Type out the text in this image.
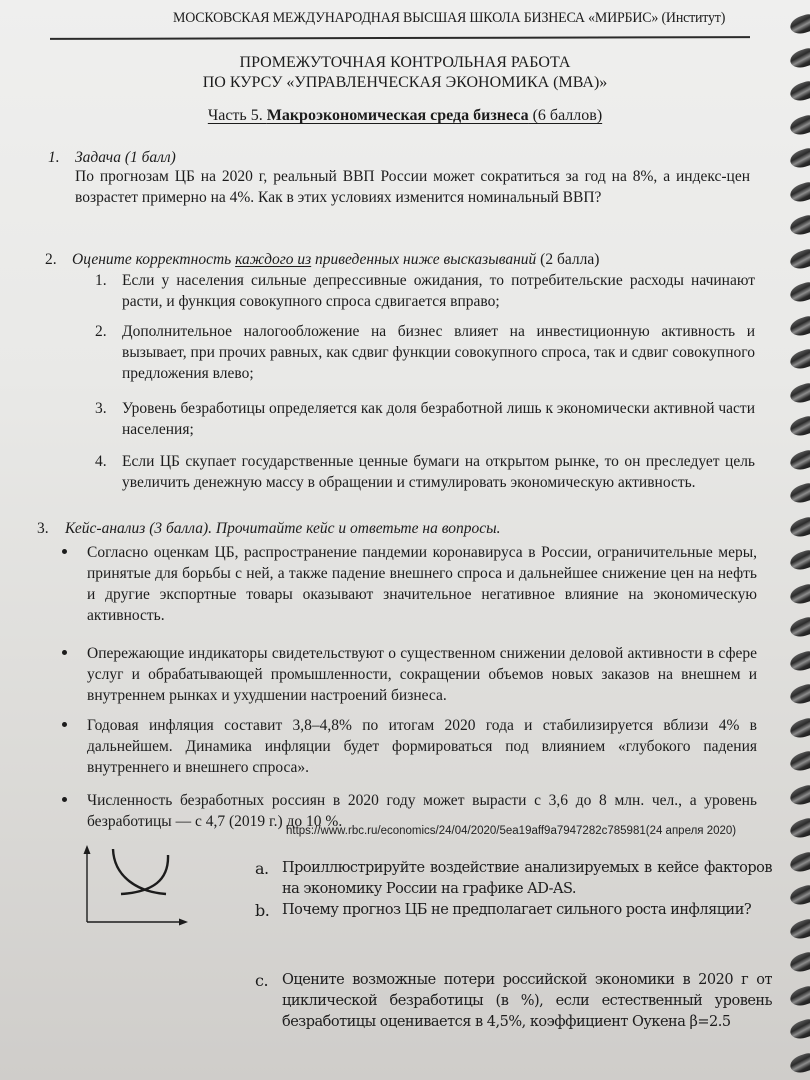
МОСКОВСКАЯ МЕЖДУНАРОДНАЯ ВЫСШАЯ ШКОЛА БИЗНЕСА «МИРБИС» (Институт)
ПРОМЕЖУТОЧНАЯ КОНТРОЛЬНАЯ РАБОТА
ПО КУРСУ «УПРАВЛЕНЧЕСКАЯ ЭКОНОМИКА (МВА)»
Часть 5. Макроэкономическая среда бизнеса (6 баллов)
1. Задача (1 балл)
По прогнозам ЦБ на 2020 г, реальный ВВП России может сократиться за год на 8%, а индекс-цен возрастет примерно на 4%. Как в этих условиях изменится номинальный ВВП?
2. Оцените корректность каждого из приведенных ниже высказываний (2 балла)
1. Если у населения сильные депрессивные ожидания, то потребительские расходы начинают расти, и функция совокупного спроса сдвигается вправо;
2. Дополнительное налогообложение на бизнес влияет на инвестиционную активность и вызывает, при прочих равных, как сдвиг функции совокупного спроса, так и сдвиг совокупного предложения влево;
3. Уровень безработицы определяется как доля безработной лишь к экономически активной части населения;
4. Если ЦБ скупает государственные ценные бумаги на открытом рынке, то он преследует цель увеличить денежную массу в обращении и стимулировать экономическую активность.
3. Кейс-анализ (3 балла). Прочитайте кейс и ответьте на вопросы.
Согласно оценкам ЦБ, распространение пандемии коронавируса в России, ограничительные меры, принятые для борьбы с ней, а также падение внешнего спроса и дальнейшее снижение цен на нефть и другие экспортные товары оказывают значительное негативное влияние на экономическую активность.
Опережающие индикаторы свидетельствуют о существенном снижении деловой активности в сфере услуг и обрабатывающей промышленности, сокращении объемов новых заказов на внешнем и внутреннем рынках и ухудшении настроений бизнеса.
Годовая инфляция составит 3,8–4,8% по итогам 2020 года и стабилизируется вблизи 4% в дальнейшем. Динамика инфляции будет формироваться под влиянием «глубокого падения внутреннего и внешнего спроса».
Численность безработных россиян в 2020 году может вырасти с 3,6 до 8 млн. чел., а уровень безработицы — с 4,7 (2019 г.) до 10 %.
https://www.rbc.ru/economics/24/04/2020/5ea19aff9a7947282c785981(24 апреля 2020)
a. Проиллюстрируйте воздействие анализируемых в кейсе факторов на экономику России на графике AD-AS.
b. Почему прогноз ЦБ не предполагает сильного роста инфляции?
c. Оцените возможные потери российской экономики в 2020 г от циклической безработицы (в %), если естественный уровень безработицы оценивается в 4,5%, коэффициент Оукена β=2.5
